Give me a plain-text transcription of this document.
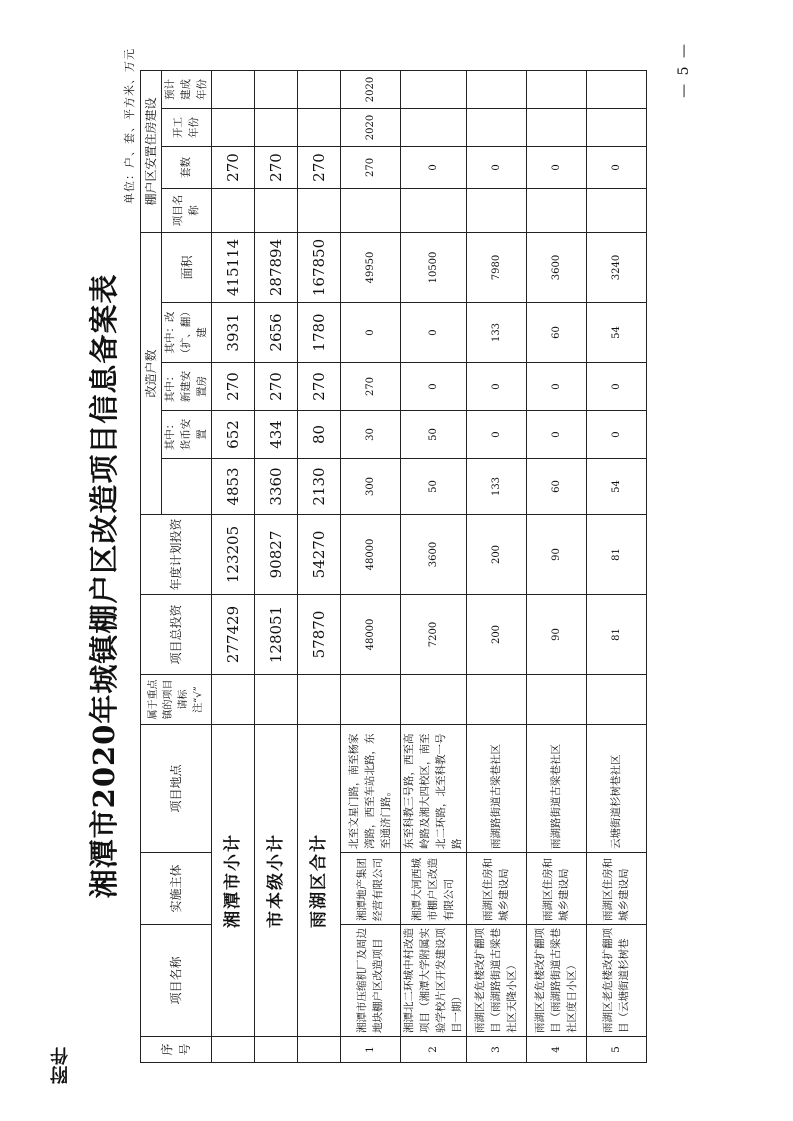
附件
湘潭市2020年城镇棚户区改造项目信息备案表
单位：户、套、平方米、万元
序号	项目名称	实施主体	项目地点	属于重点镇的项目请标注“√”	项目总投资	年度计划投资	改造户数					棚户区安置住房建设			
								其中：货币安置	其中：新建安置房	其中：改（扩、翻）建	面积	项目名称	套数	开工年份	预计建成年份

	湘潭市小计				277429	123205	4853	652	270	3931	415114		270		
	市本级小计				128051	90827	3360	434	270	2656	287894		270		
	雨湖区合计				57870	54270	2130	80	270	1780	167850		270		
1	湘潭市压缩机厂及周边地块棚户区改造项目	湘潭地产集团经营有限公司	北至文星门路，南至杨家湾路，西至车站北路，东至通济门路。		48000	48000	300	30	270	0	49950		270	2020	2020
2	湘潭北二环城中村改造项目（湘潭大学附属实验学校片区开发建设项目一期）	湘潭大河西城市棚户区改造有限公司	东至科教三号路，西至高岭路及湘大四校区，南至北二环路，北至科教一号路		7200	3600	50	50	0	0	10500		0		
3	雨湖区老危楼改扩翻项目（雨湖路街道古梁巷社区天隆小区）	雨湖区住房和城乡建设局	雨湖路街道古梁巷社区		200	200	133	0	0	133	7980		0		
4	雨湖区老危楼改扩翻项目（雨湖路街道古梁巷社区度日小区）	雨湖区住房和城乡建设局	雨湖路街道古梁巷社区		90	90	60	0	0	60	3600		0		
5	雨湖区老危楼改扩翻项目（云塘街道杉树巷	雨湖区住房和城乡建设局	云塘街道杉树巷社区		81	81	54	0	0	54	3240		0		
— 5 —
